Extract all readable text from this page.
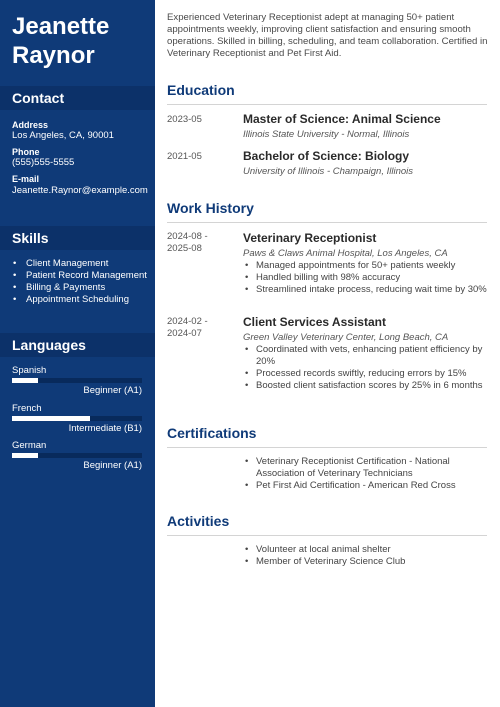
Jeanette
Raynor
Contact
Address
Los Angeles, CA, 90001
Phone
(555)555-5555
E-mail
Jeanette.Raynor@example.com
Skills
• Client Management
• Patient Record Management
• Billing & Payments
• Appointment Scheduling
Languages
Spanish
Beginner (A1)
French
Intermediate (B1)
German
Beginner (A1)
Experienced Veterinary Receptionist adept at managing 50+ patient appointments weekly, improving client satisfaction and ensuring smooth operations. Skilled in billing, scheduling, and team collaboration. Certified in Veterinary Receptionist and Pet First Aid.
Education
2023-05	Master of Science: Animal Science
Illinois State University - Normal, Illinois
2021-05	Bachelor of Science: Biology
University of Illinois - Champaign, Illinois
Work History
2024-08 -
2025-08
Veterinary Receptionist
Paws & Claws Animal Hospital, Los Angeles, CA
• Managed appointments for 50+ patients weekly
• Handled billing with 98% accuracy
• Streamlined intake process, reducing wait time by 30%
2024-02 -
2024-07
Client Services Assistant
Green Valley Veterinary Center, Long Beach, CA
• Coordinated with vets, enhancing patient efficiency by 20%
• Processed records swiftly, reducing errors by 15%
• Boosted client satisfaction scores by 25% in 6 months
Certifications
• Veterinary Receptionist Certification - National Association of Veterinary Technicians
• Pet First Aid Certification - American Red Cross
Activities
• Volunteer at local animal shelter
• Member of Veterinary Science Club
